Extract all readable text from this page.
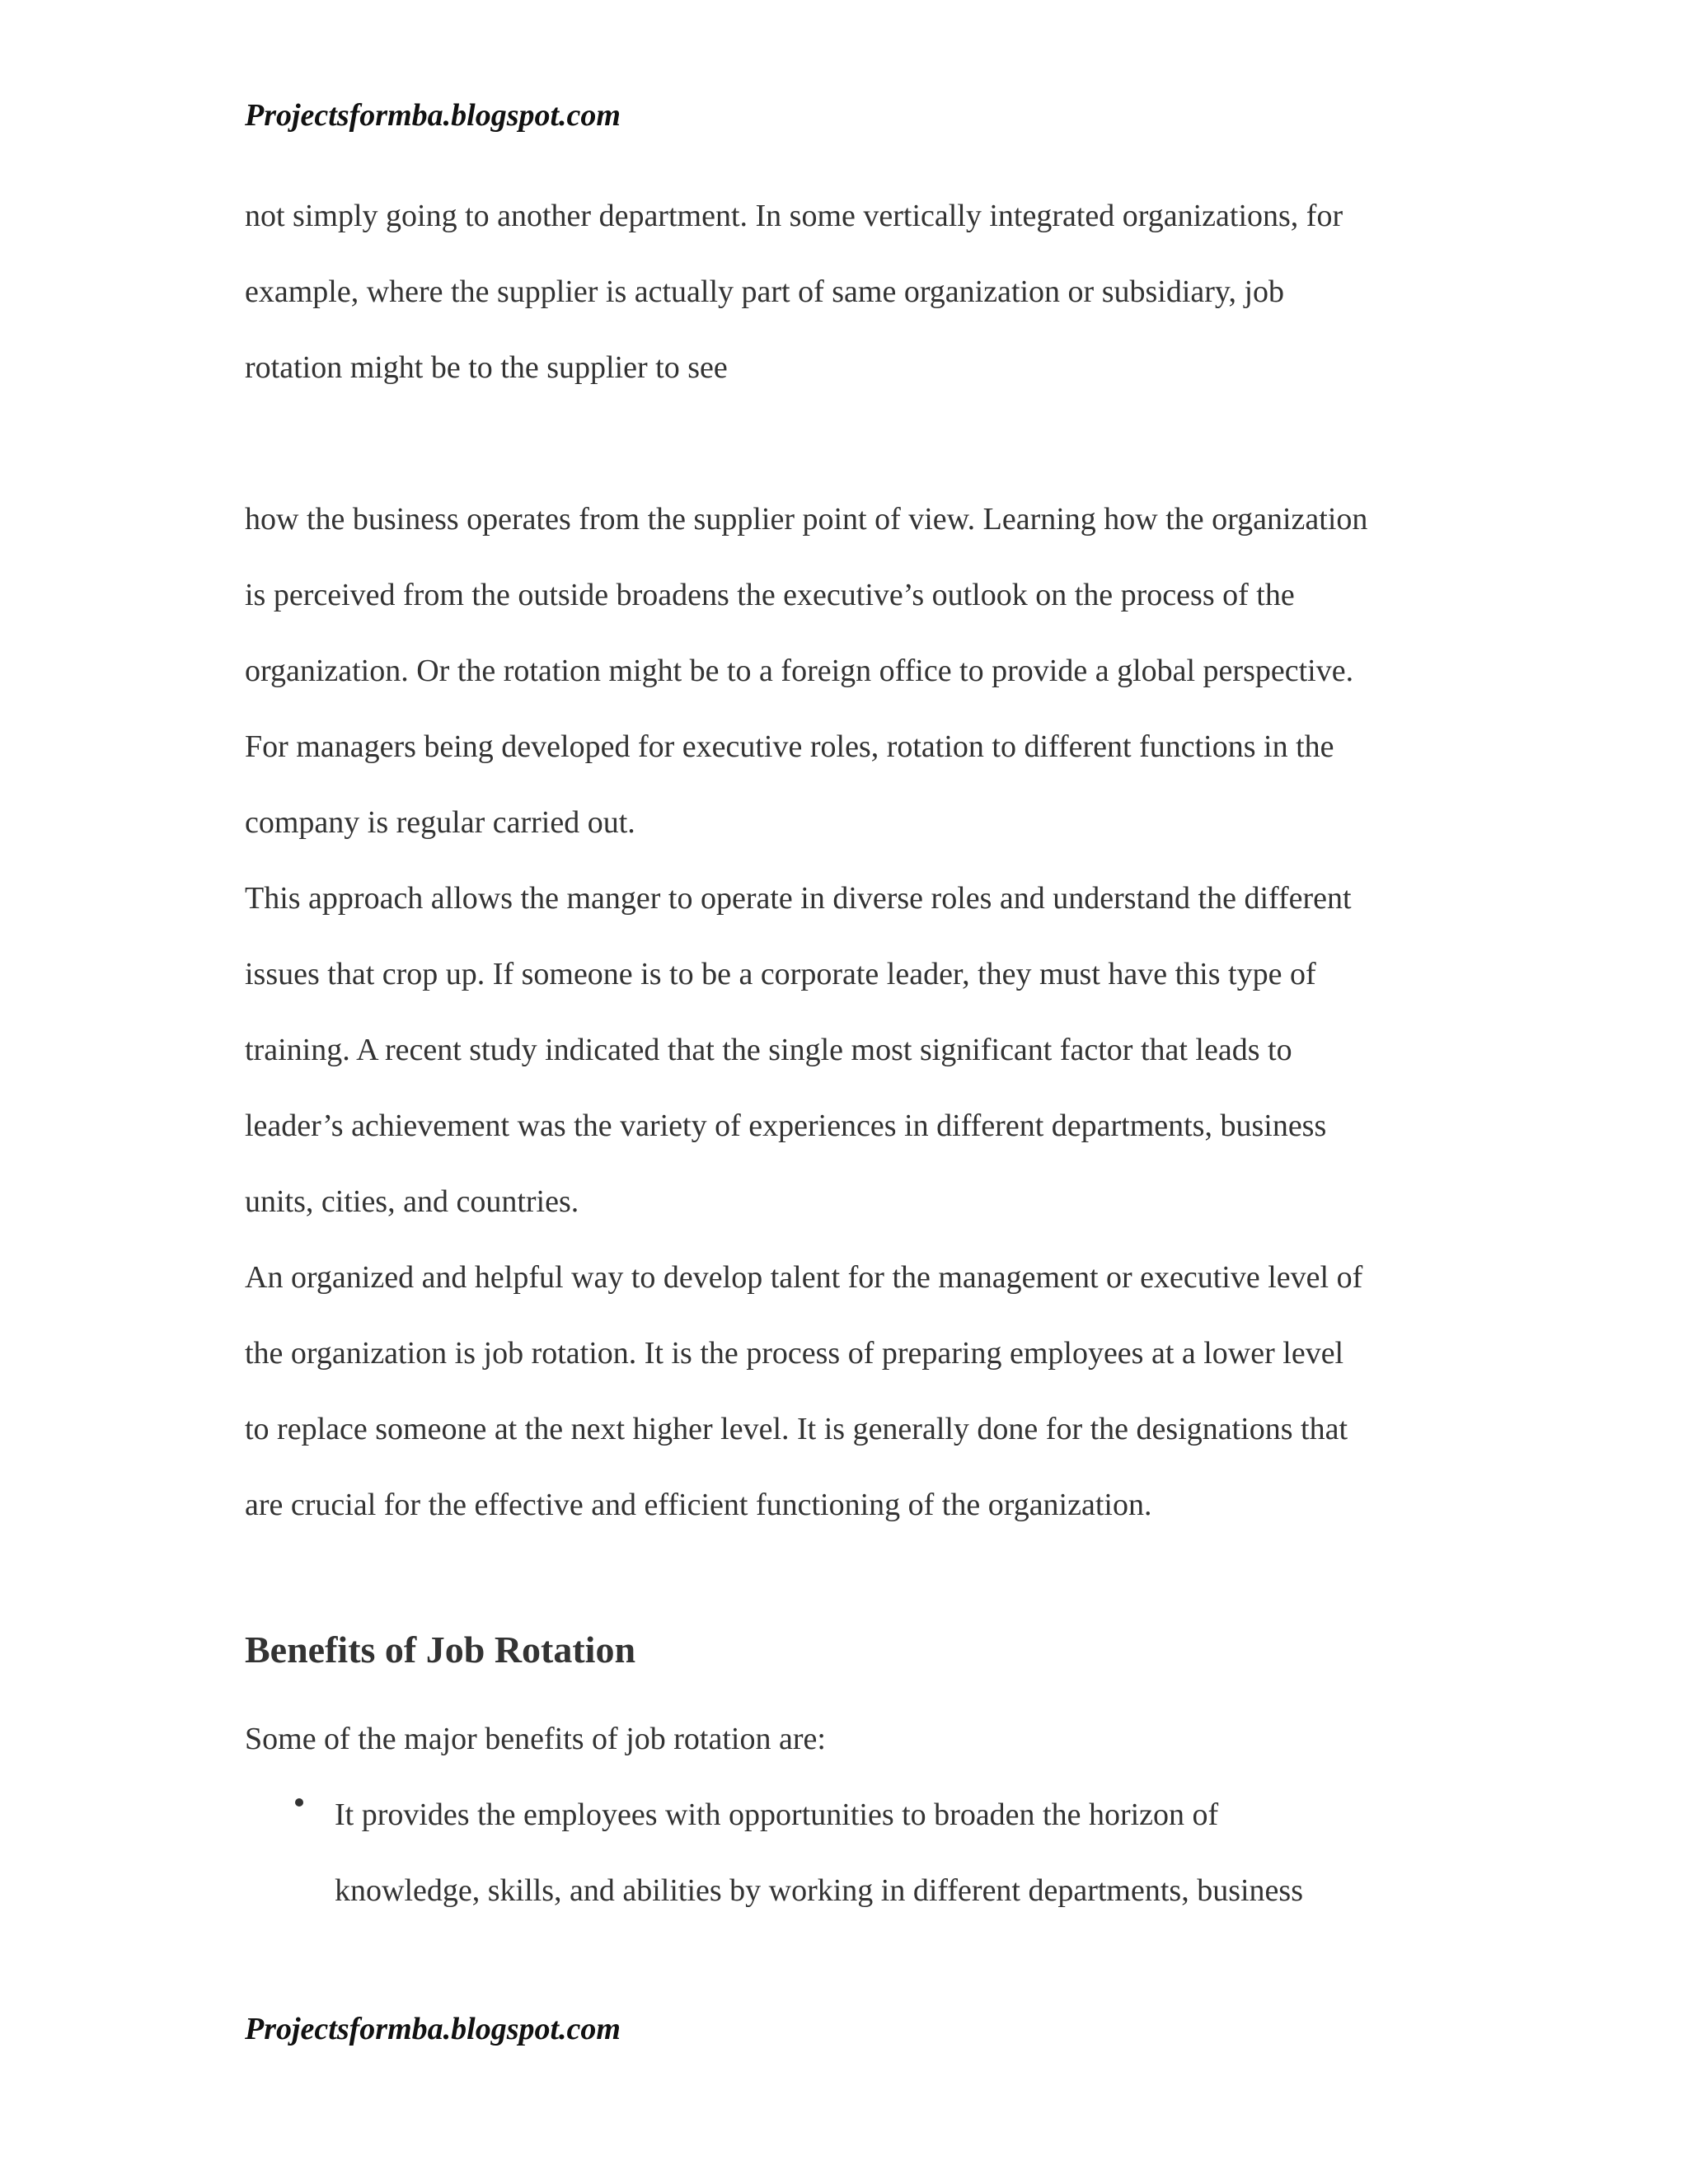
Projectsformba.blogspot.com

not simply going to another department. In some vertically integrated organizations, for

example, where the supplier is actually part of same organization or subsidiary, job

rotation might be to the supplier to see

how the business operates from the supplier point of view. Learning how the organization

is perceived from the outside broadens the executive’s outlook on the process of the

organization. Or the rotation might be to a foreign office to provide a global perspective.

For managers being developed for executive roles, rotation to different functions in the

company is regular carried out.

This approach allows the manger to operate in diverse roles and understand the different

issues that crop up. If someone is to be a corporate leader, they must have this type of

training. A recent study indicated that the single most significant factor that leads to

leader’s achievement was the variety of experiences in different departments, business

units, cities, and countries.

An organized and helpful way to develop talent for the management or executive level of

the organization is job rotation. It is the process of preparing employees at a lower level

to replace someone at the next higher level. It is generally done for the designations that

are crucial for the effective and efficient functioning of the organization.

Benefits of Job Rotation

Some of the major benefits of job rotation are:

It provides the employees with opportunities to broaden the horizon of

knowledge, skills, and abilities by working in different departments, business

Projectsformba.blogspot.com
